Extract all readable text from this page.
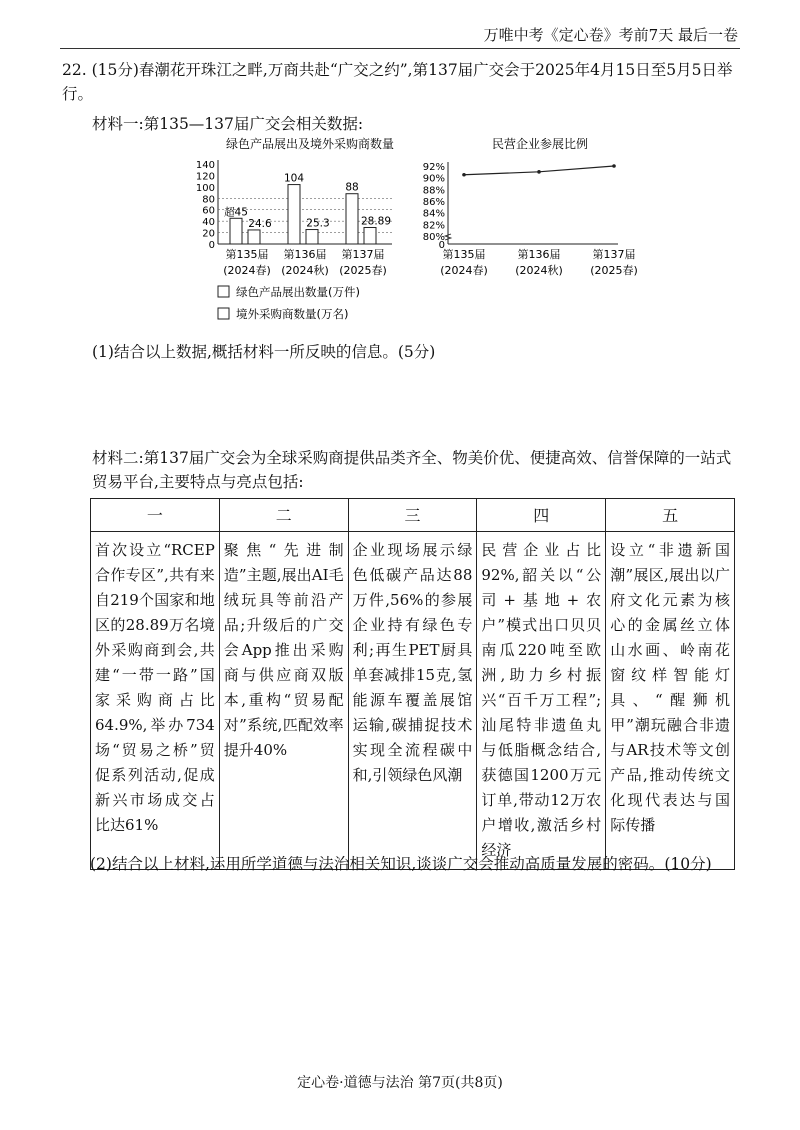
万唯中考《定心卷》考前7天 最后一卷
22. (15分)春潮花开珠江之畔,万商共赴“广交之约”,第137届广交会于2025年4月15日至5月5日举行。
材料一:第135—137届广交会相关数据:
绿色产品展出及境外采购商数量
0
20
40
60
80
100
120
140
第135届
(2024春)
第136届
(2024秋)
第137届
(2025春)
超45
24.6
104
25.3
88
28.89
绿色产品展出数量(万件)
境外采购商数量(万名)
民营企业参展比例
0
80%
82%
84%
86%
88%
90%
92%
第135届
(2024春)
第136届
(2024秋)
第137届
(2025春)
(1)结合以上数据,概括材料一所反映的信息。(5分)
材料二:第137届广交会为全球采购商提供品类齐全、物美价优、便捷高效、信誉保障的一站式贸易平台,主要特点与亮点包括:
一	二	三	四	五
首次设立“RCEP合作专区”,共有来自219个国家和地区的28.89万名境外采购商到会,共建“一带一路”国家采购商占比64.9%,举办734场“贸易之桥”贸促系列活动,促成新兴市场成交占比达61%	聚焦“先进制造”主题,展出AI毛绒玩具等前沿产品;升级后的广交会App推出采购商与供应商双版本,重构“贸易配对”系统,匹配效率提升40%	企业现场展示绿色低碳产品达88万件,56%的参展企业持有绿色专利;再生PET厨具单套减排15克,氢能源车覆盖展馆运输,碳捕捉技术实现全流程碳中和,引领绿色风潮	民营企业占比92%,韶关以“公司+基地+农户”模式出口贝贝南瓜220吨至欧洲,助力乡村振兴“百千万工程”;汕尾特非遗鱼丸与低脂概念结合,获德国1200万元订单,带动12万农户增收,激活乡村经济	设立“非遗新国潮”展区,展出以广府文化元素为核心的金属丝立体山水画、岭南花窗纹样智能灯具、“醒狮机甲”潮玩融合非遗与AR技术等文创产品,推动传统文化现代表达与国际传播
(2)结合以上材料,运用所学道德与法治相关知识,谈谈广交会推动高质量发展的密码。(10分)
定心卷·道德与法治 第7页(共8页)
